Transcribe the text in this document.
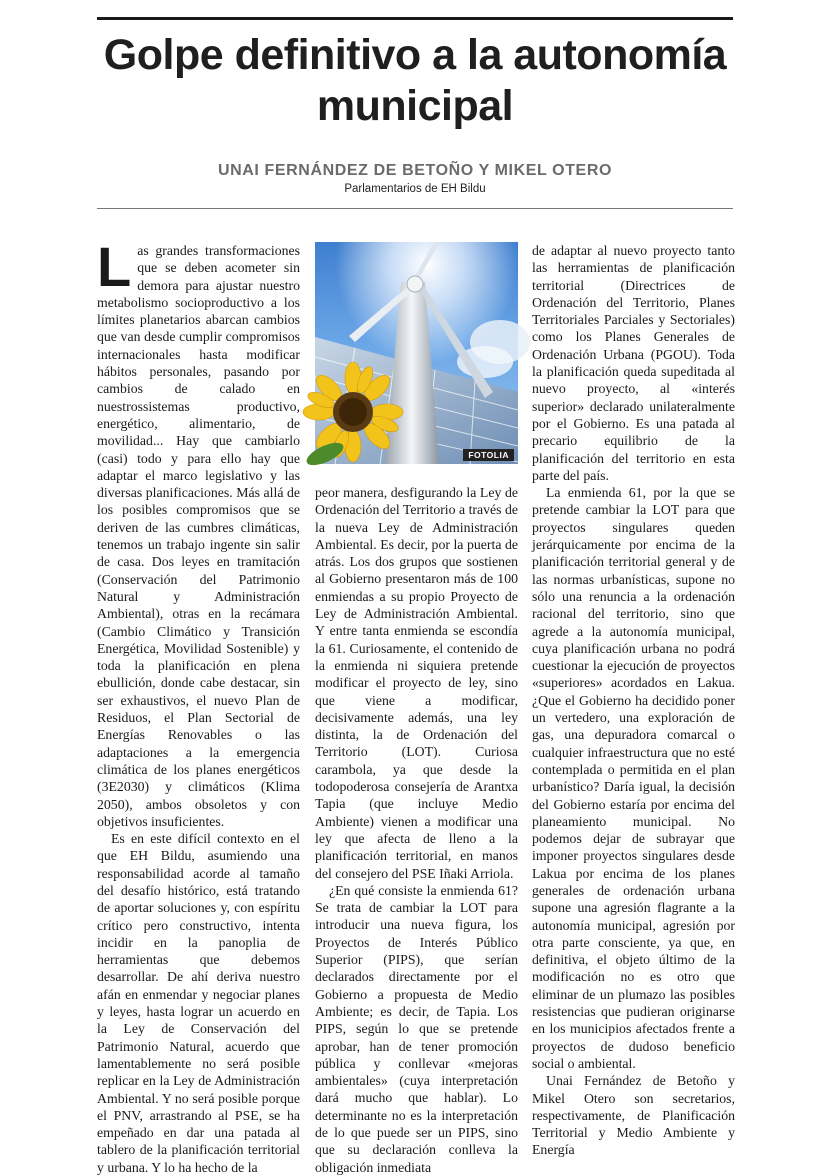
Golpe definitivo a la autonomía municipal
UNAI FERNÁNDEZ DE BETOÑO Y MIKEL OTERO
Parlamentarios de EH Bildu

Las grandes transformaciones que se deben acometer sin demora para ajustar nuestro metabolismo socioproductivo a los límites planetarios abarcan cambios que van desde cumplir compromisos internacionales hasta modificar hábitos personales, pasando por cambios de calado en nuestrossistemas productivo, energético, alimentario, de movilidad... Hay que cambiarlo (casi) todo y para ello hay que adaptar el marco legislativo y las diversas planificaciones. Más allá de los posibles compromisos que se deriven de las cumbres climáticas, tenemos un trabajo ingente sin salir de casa. Dos leyes en tramitación (Conservación del Patrimonio Natural y Administración Ambiental), otras en la recámara (Cambio Climático y Transición Energética, Movilidad Sostenible) y toda la planificación en plena ebullición, donde cabe destacar, sin ser exhaustivos, el nuevo Plan de Residuos, el Plan Sectorial de Energías Renovables o las adaptaciones a la emergencia climática de los planes energéticos (3E2030) y climáticos (Klima 2050), ambos obsoletos y con objetivos insuficientes.

Es en este difícil contexto en el que EH Bildu, asumiendo una responsabilidad acorde al tamaño del desafío histórico, está tratando de aportar soluciones y, con espíritu crítico pero constructivo, intenta incidir en la panoplia de herramientas que debemos desarrollar. De ahí deriva nuestro afán en enmendar y negociar planes y leyes, hasta lograr un acuerdo en la Ley de Conservación del Patrimonio Natural, acuerdo que lamentablemente no será posible replicar en la Ley de Administración Ambiental. Y no será posible porque el PNV, arrastrando al PSE, se ha empeñado en dar una patada al tablero de la planificación territorial y urbana. Y lo ha hecho de la

FOTOLIA

peor manera, desfigurando la Ley de Ordenación del Territorio a través de la nueva Ley de Administración Ambiental. Es decir, por la puerta de atrás. Los dos grupos que sostienen al Gobierno presentaron más de 100 enmiendas a su propio Proyecto de Ley de Administración Ambiental. Y entre tanta enmienda se escondía la 61. Curiosamente, el contenido de la enmienda ni siquiera pretende modificar el proyecto de ley, sino que viene a modificar, decisivamente además, una ley distinta, la de Ordenación del Territorio (LOT). Curiosa carambola, ya que desde la todopoderosa consejería de Arantxa Tapia (que incluye Medio Ambiente) vienen a modificar una ley que afecta de lleno a la planificación territorial, en manos del consejero del PSE Iñaki Arriola.

¿En qué consiste la enmienda 61? Se trata de cambiar la LOT para introducir una nueva figura, los Proyectos de Interés Público Superior (PIPS), que serían declarados directamente por el Gobierno a propuesta de Medio Ambiente; es decir, de Tapia. Los PIPS, según lo que se pretende aprobar, han de tener promoción pública y conllevar «mejoras ambientales» (cuya interpretación dará mucho que hablar). Lo determinante no es la interpretación de lo que puede ser un PIPS, sino que su declaración conlleva la obligación inmediata

de adaptar al nuevo proyecto tanto las herramientas de planificación territorial (Directrices de Ordenación del Territorio, Planes Territoriales Parciales y Sectoriales) como los Planes Generales de Ordenación Urbana (PGOU). Toda la planificación queda supeditada al nuevo proyecto, al «interés superior» declarado unilateralmente por el Gobierno. Es una patada al precario equilibrio de la planificación del territorio en esta parte del país.

La enmienda 61, por la que se pretende cambiar la LOT para que proyectos singulares queden jerárquicamente por encima de la planificación territorial general y de las normas urbanísticas, supone no sólo una renuncia a la ordenación racional del territorio, sino que agrede a la autonomía municipal, cuya planificación urbana no podrá cuestionar la ejecución de proyectos «superiores» acordados en Lakua. ¿Que el Gobierno ha decidido poner un vertedero, una exploración de gas, una depuradora comarcal o cualquier infraestructura que no esté contemplada o permitida en el plan urbanístico? Daría igual, la decisión del Gobierno estaría por encima del planeamiento municipal. No podemos dejar de subrayar que imponer proyectos singulares desde Lakua por encima de los planes generales de ordenación urbana supone una agresión flagrante a la autonomía municipal, agresión por otra parte consciente, ya que, en definitiva, el objeto último de la modificación no es otro que eliminar de un plumazo las posibles resistencias que pudieran originarse en los municipios afectados frente a proyectos de dudoso beneficio social o ambiental.

Unai Fernández de Betoño y Mikel Otero son secretarios, respectivamente, de Planificación Territorial y Medio Ambiente y Energía
